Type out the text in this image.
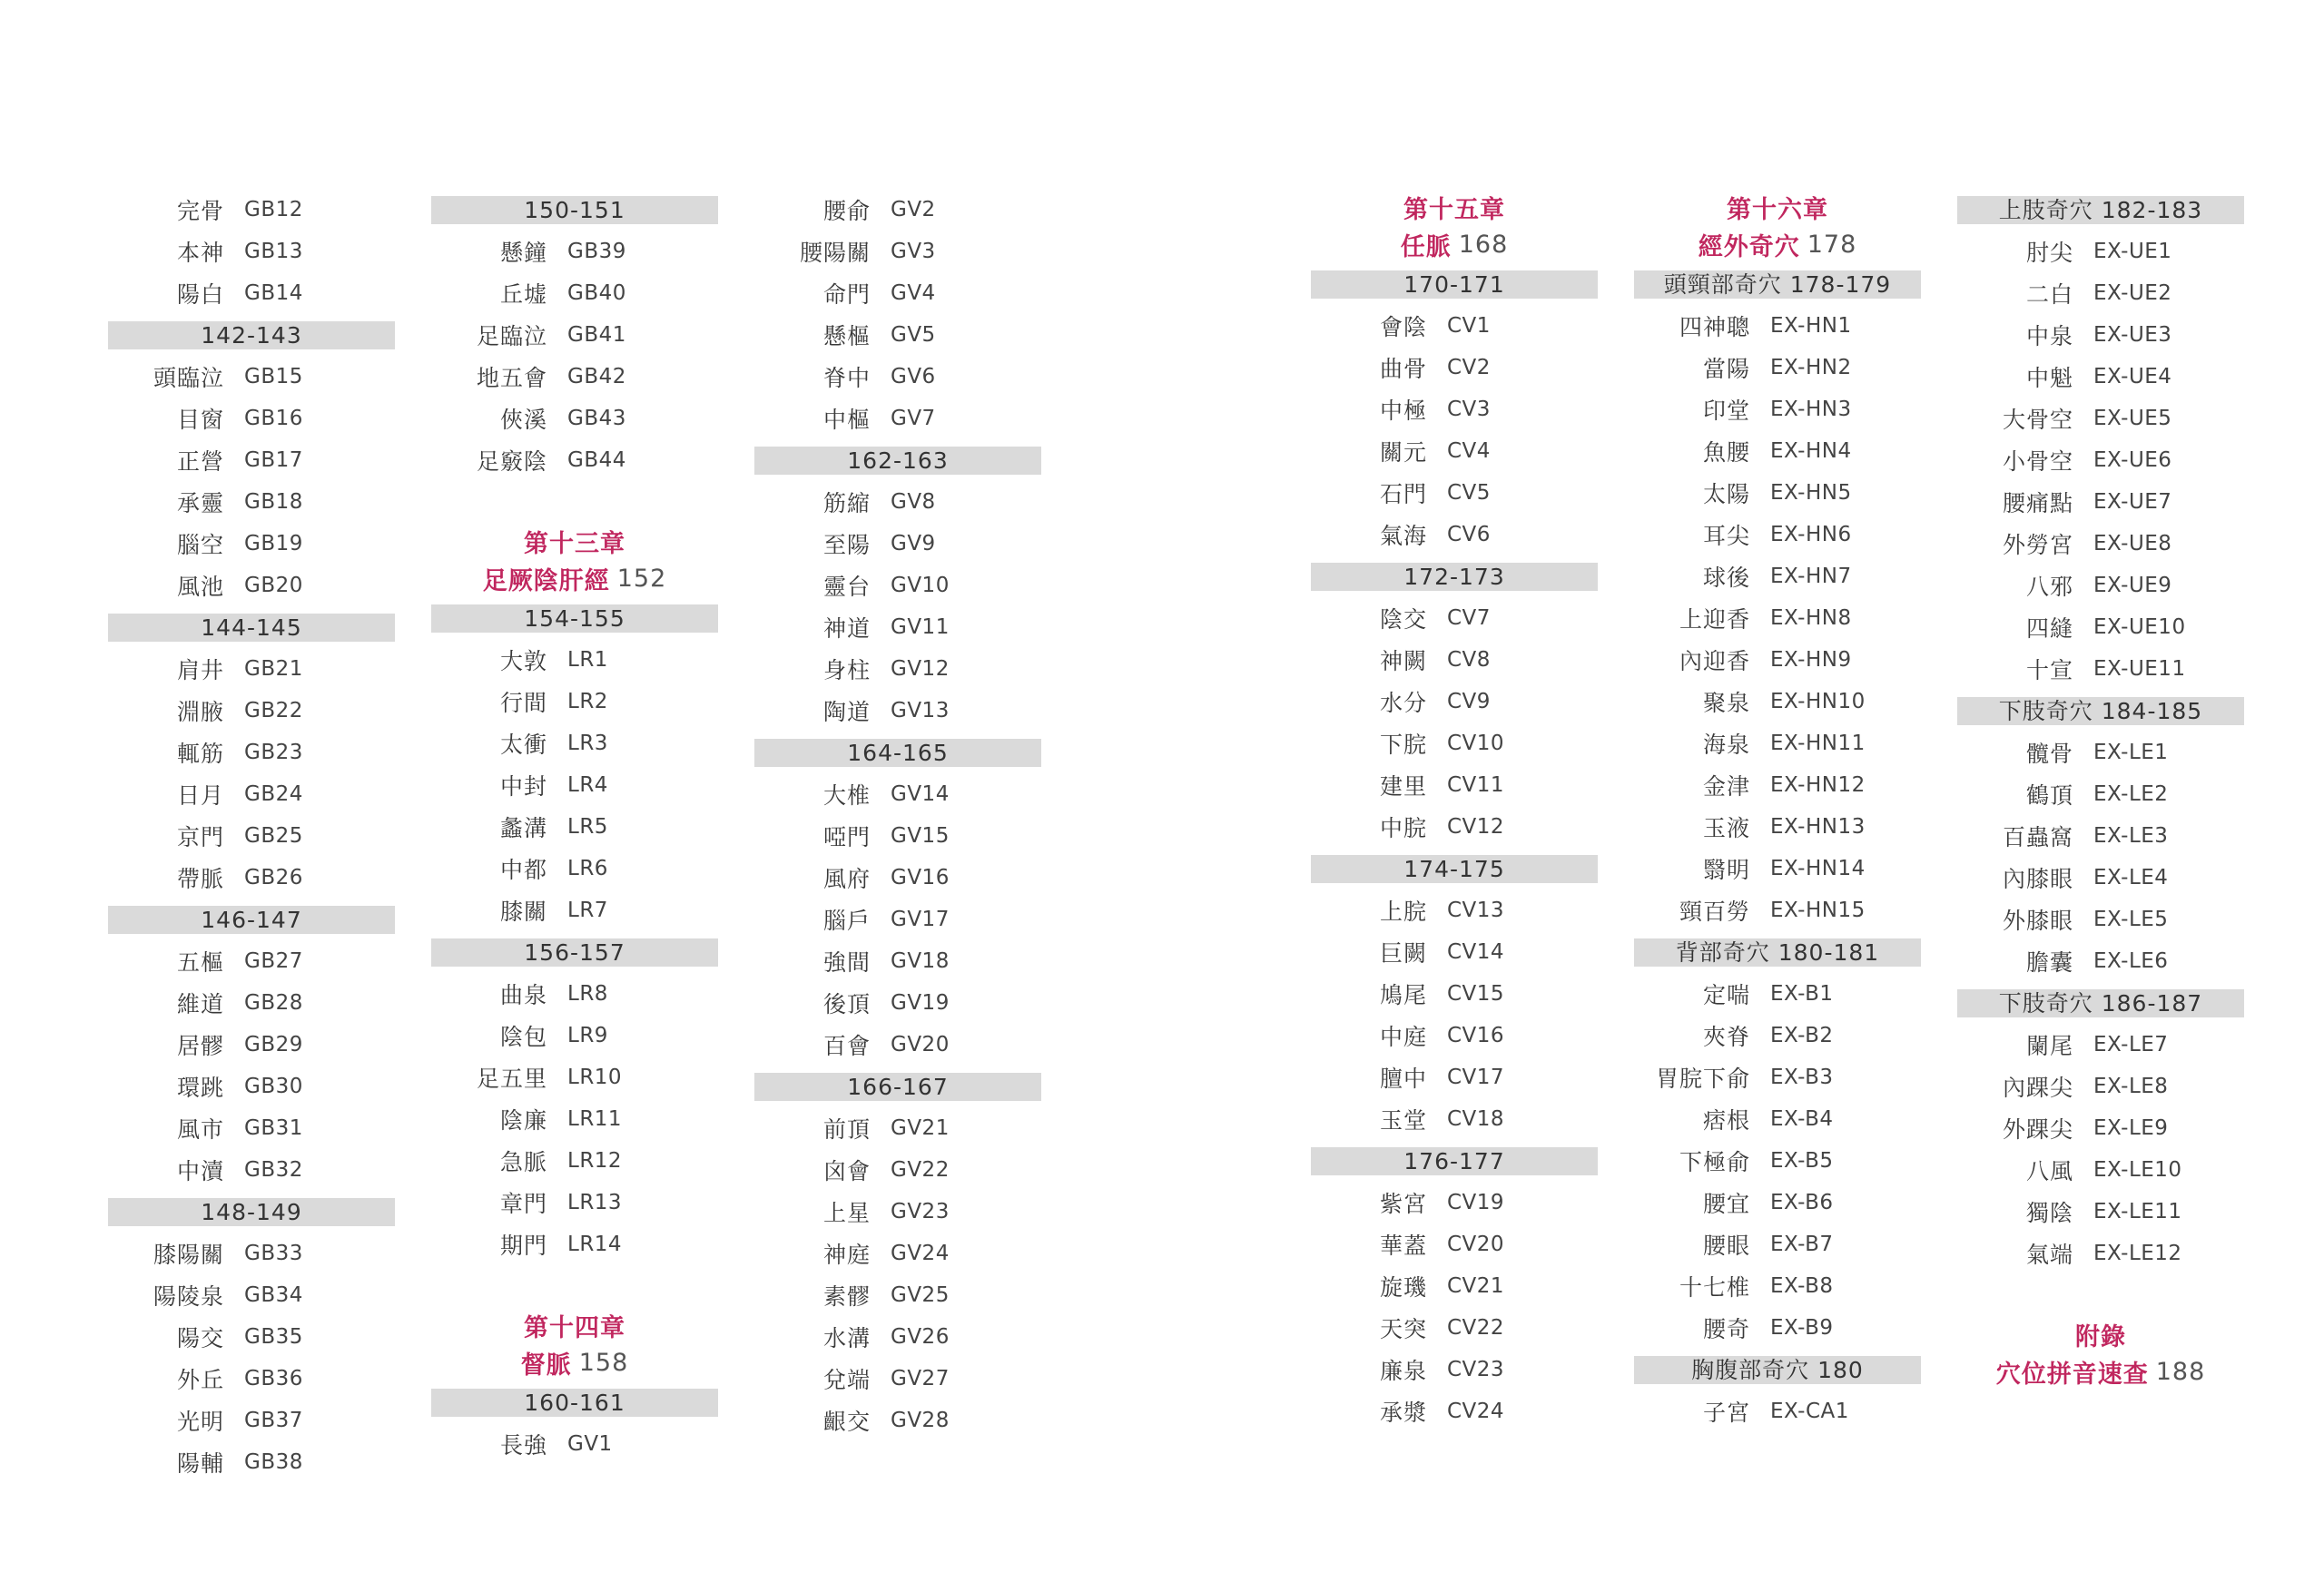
完骨 GB12
本神 GB13
陽白 GB14
142-143
頭臨泣 GB15
目窗 GB16
正營 GB17
承靈 GB18
腦空 GB19
風池 GB20
144-145
肩井 GB21
淵腋 GB22
輒筋 GB23
日月 GB24
京門 GB25
帶脈 GB26
146-147
五樞 GB27
維道 GB28
居髎 GB29
環跳 GB30
風市 GB31
中瀆 GB32
148-149
膝陽關 GB33
陽陵泉 GB34
陽交 GB35
外丘 GB36
光明 GB37
陽輔 GB38
150-151
懸鐘 GB39
丘墟 GB40
足臨泣 GB41
地五會 GB42
俠溪 GB43
足竅陰 GB44
第十三章
足厥陰肝經 152
154-155
大敦 LR1
行間 LR2
太衝 LR3
中封 LR4
蠡溝 LR5
中都 LR6
膝關 LR7
156-157
曲泉 LR8
陰包 LR9
足五里 LR10
陰廉 LR11
急脈 LR12
章門 LR13
期門 LR14
第十四章
督脈 158
160-161
長強 GV1
腰俞 GV2
腰陽關 GV3
命門 GV4
懸樞 GV5
脊中 GV6
中樞 GV7
162-163
筋縮 GV8
至陽 GV9
靈台 GV10
神道 GV11
身柱 GV12
陶道 GV13
164-165
大椎 GV14
啞門 GV15
風府 GV16
腦戶 GV17
強間 GV18
後頂 GV19
百會 GV20
166-167
前頂 GV21
囟會 GV22
上星 GV23
神庭 GV24
素髎 GV25
水溝 GV26
兌端 GV27
齦交 GV28
第十五章
任脈 168
170-171
會陰 CV1
曲骨 CV2
中極 CV3
關元 CV4
石門 CV5
氣海 CV6
172-173
陰交 CV7
神闕 CV8
水分 CV9
下脘 CV10
建里 CV11
中脘 CV12
174-175
上脘 CV13
巨闕 CV14
鳩尾 CV15
中庭 CV16
膻中 CV17
玉堂 CV18
176-177
紫宮 CV19
華蓋 CV20
旋璣 CV21
天突 CV22
廉泉 CV23
承漿 CV24
第十六章
經外奇穴 178
頭頸部奇穴 178-179
四神聰 EX-HN1
當陽 EX-HN2
印堂 EX-HN3
魚腰 EX-HN4
太陽 EX-HN5
耳尖 EX-HN6
球後 EX-HN7
上迎香 EX-HN8
內迎香 EX-HN9
聚泉 EX-HN10
海泉 EX-HN11
金津 EX-HN12
玉液 EX-HN13
翳明 EX-HN14
頸百勞 EX-HN15
背部奇穴 180-181
定喘 EX-B1
夾脊 EX-B2
胃脘下俞 EX-B3
痞根 EX-B4
下極俞 EX-B5
腰宜 EX-B6
腰眼 EX-B7
十七椎 EX-B8
腰奇 EX-B9
胸腹部奇穴 180
子宮 EX-CA1
上肢奇穴 182-183
肘尖 EX-UE1
二白 EX-UE2
中泉 EX-UE3
中魁 EX-UE4
大骨空 EX-UE5
小骨空 EX-UE6
腰痛點 EX-UE7
外勞宮 EX-UE8
八邪 EX-UE9
四縫 EX-UE10
十宣 EX-UE11
下肢奇穴 184-185
髖骨 EX-LE1
鶴頂 EX-LE2
百蟲窩 EX-LE3
內膝眼 EX-LE4
外膝眼 EX-LE5
膽囊 EX-LE6
下肢奇穴 186-187
闌尾 EX-LE7
內踝尖 EX-LE8
外踝尖 EX-LE9
八風 EX-LE10
獨陰 EX-LE11
氣端 EX-LE12
附錄
穴位拼音速查 188
